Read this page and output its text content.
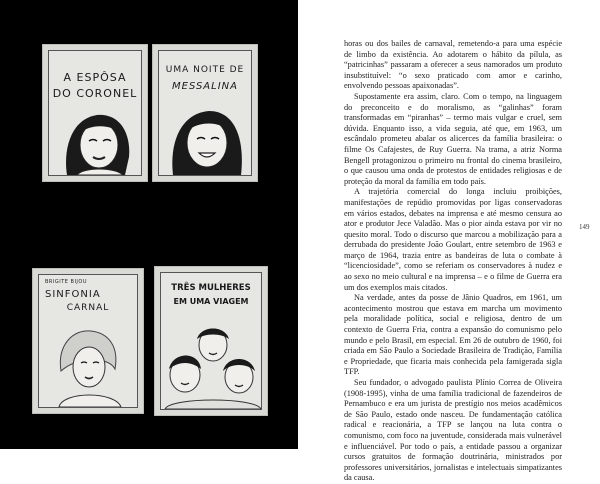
A ESPÔSA
DO CORONEL
UMA NOITE DE
MESSALINA
BRIGITE BIJOU
SINFONIA
CARNAL
TRÊS MULHERES
EM UMA VIAGEM

horas ou dos bailes de carnaval, remetendo-a para uma espécie de limbo da existência. Ao adotarem o hábito da pílula, as “patricinhas” passaram a oferecer a seus namorados um produto insubstituível: “o sexo praticado com amor e carinho, envolvendo pessoas apaixonadas”.

Supostamente era assim, claro. Com o tempo, na linguagem do preconceito e do moralismo, as “galinhas” foram transformadas em “piranhas” – termo mais vulgar e cruel, sem dúvida. Enquanto isso, a vida seguia, até que, em 1963, um escândalo prometeu abalar os alicerces da família brasileira: o filme Os Cafajestes, de Ruy Guerra. Na trama, a atriz Norma Bengell protagonizou o primeiro nu frontal do cinema brasileiro, o que causou uma onda de protestos de entidades religiosas e de proteção da moral da família em todo país.

A trajetória comercial do longa incluiu proibições, manifestações de repúdio promovidas por ligas conservadoras em vários estados, debates na imprensa e até mesmo censura ao ator e produtor Jece Valadão. Mas o pior ainda estava por vir no quesito moral. Todo o discurso que marcou a mobilização para a derrubada do presidente João Goulart, entre setembro de 1963 e março de 1964, trazia entre as bandeiras de luta o combate à “licenciosidade”, como se referiam os conservadores à nudez e ao sexo no meio cultural e na imprensa – e o filme de Guerra era um dos exemplos mais citados.

Na verdade, antes da posse de Jânio Quadros, em 1961, um acontecimento mostrou que estava em marcha um movimento pela moralidade política, social e religiosa, dentro de um contexto de Guerra Fria, contra a expansão do comunismo pelo mundo e pelo Brasil, em especial. Em 26 de outubro de 1960, foi criada em São Paulo a Sociedade Brasileira de Tradição, Família e Propriedade, que ficaria mais conhecida pela famigerada sigla TFP.

Seu fundador, o advogado paulista Plínio Correa de Oliveira (1908-1995), vinha de uma família tradicional de fazendeiros de Pernambuco e era um jurista de prestígio nos meios acadêmicos de São Paulo, estado onde nasceu. De fundamentação católica radical e reacionária, a TFP se lançou na luta contra o comunismo, com foco na juventude, considerada mais vulnerável e influenciável. Por todo o país, a entidade passou a organizar cursos gratuitos de formação doutrinária, ministrados por professores universitários, jornalistas e intelectuais simpatizantes da causa.

149
